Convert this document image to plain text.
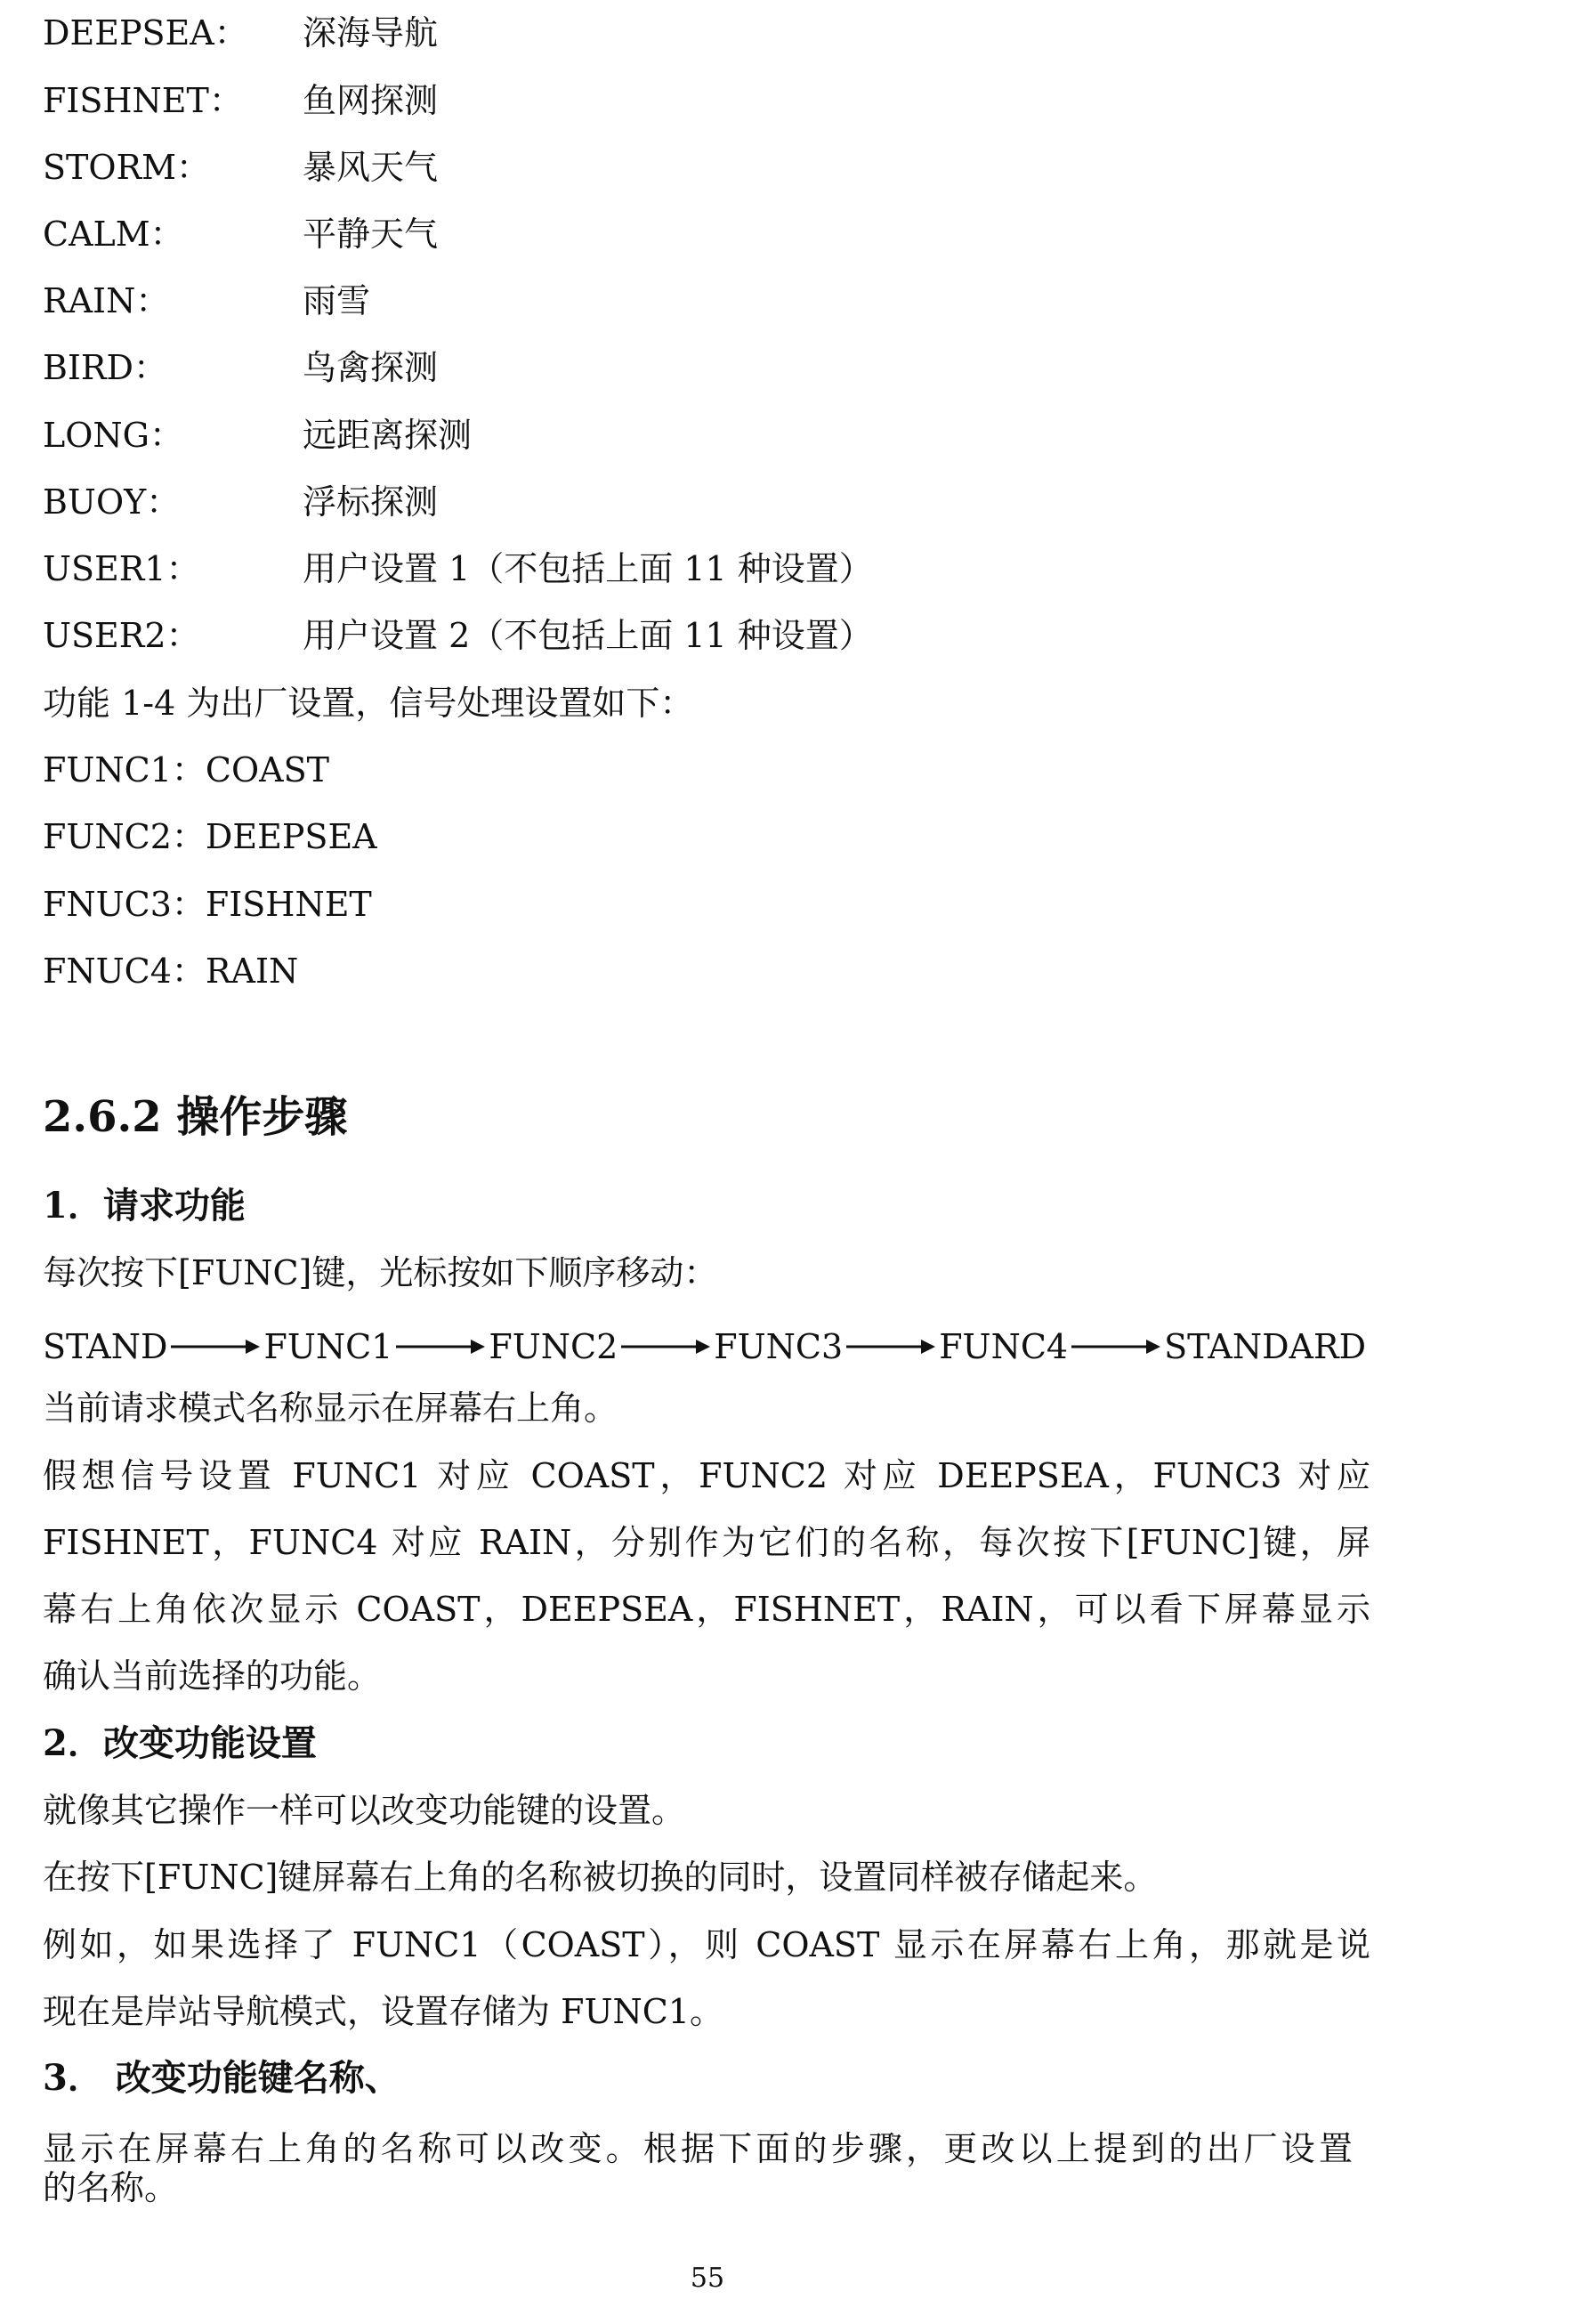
DEEPSEA： 深海导航
FISHNET： 鱼网探测
STORM：	暴风天气
CALM：	平静天气
RAIN：	雨雪
BIRD：	鸟禽探测
LONG：	远距离探测
BUOY：	浮标探测
USER1：	用户设置 1（不包括上面 11 种设置）
USER2：	用户设置 2（不包括上面 11 种设置）
功能 1-4 为出厂设置，信号处理设置如下：
FUNC1：COAST
FUNC2：DEEPSEA
FNUC3：FISHNET
FNUC4：RAIN
2.6.2 操作步骤
1．请求功能
每次按下[FUNC]键，光标按如下顺序移动：
STAND	FUNC1	FUNC2	FUNC3	FUNC4	STANDARD
当前请求模式名称显示在屏幕右上角。
假想信号设置 FUNC1 对应 COAST，FUNC2 对应 DEEPSEA，FUNC3 对应
FISHNET，FUNC4 对应 RAIN，分别作为它们的名称，每次按下[FUNC]键，屏
幕右上角依次显示 COAST，DEEPSEA，FISHNET，RAIN，可以看下屏幕显示
确认当前选择的功能。
2．改变功能设置
就像其它操作一样可以改变功能键的设置。
在按下[FUNC]键屏幕右上角的名称被切换的同时，设置同样被存储起来。
例如，如果选择了 FUNC1（COAST），则 COAST 显示在屏幕右上角，那就是说
现在是岸站导航模式，设置存储为 FUNC1。
3． 改变功能键名称、
显示在屏幕右上角的名称可以改变。根据下面的步骤，更改以上提到的出厂设置
的名称。
55
